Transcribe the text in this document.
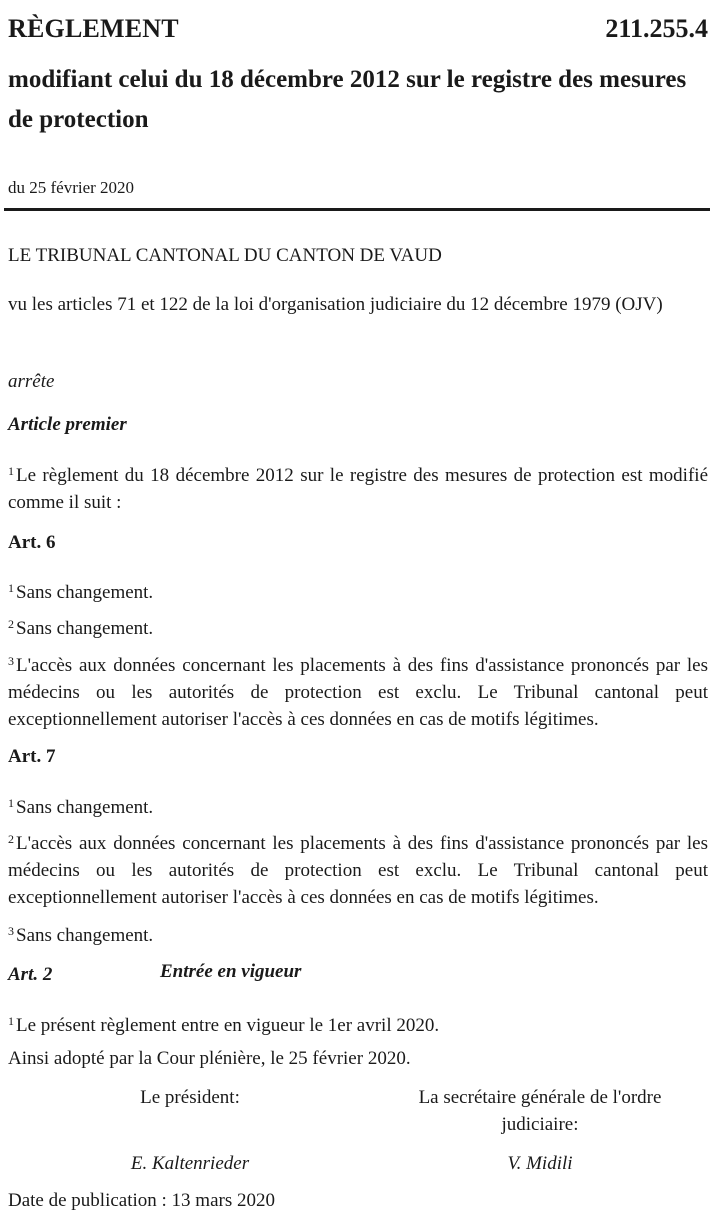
RÈGLEMENT	211.255.4
modifiant celui du 18 décembre 2012 sur le registre des mesures de protection
du 25 février 2020
LE TRIBUNAL CANTONAL DU CANTON DE VAUD
vu les articles 71 et 122 de la loi d'organisation judiciaire du 12 décembre 1979 (OJV)
arrête
Article premier
$^1$ Le règlement du 18 décembre 2012 sur le registre des mesures de protection est modifié comme il suit :
Art. 6
$^1$ Sans changement.
$^2$ Sans changement.
$^3$ L'accès aux données concernant les placements à des fins d'assistance prononcés par les médecins ou les autorités de protection est exclu. Le Tribunal cantonal peut exceptionnellement autoriser l'accès à ces données en cas de motifs légitimes.
Art. 7
$^1$ Sans changement.
$^2$ L'accès aux données concernant les placements à des fins d'assistance prononcés par les médecins ou les autorités de protection est exclu. Le Tribunal cantonal peut exceptionnellement autoriser l'accès à ces données en cas de motifs légitimes.
$^3$ Sans changement.
Art. 2	Entrée en vigueur
$^1$ Le présent règlement entre en vigueur le 1er avril 2020.
Ainsi adopté par la Cour plénière, le 25 février 2020.
Le président:	La secrétaire générale de l'ordre judiciaire:
E. Kaltenrieder	V. Midili
Date de publication : 13 mars 2020
